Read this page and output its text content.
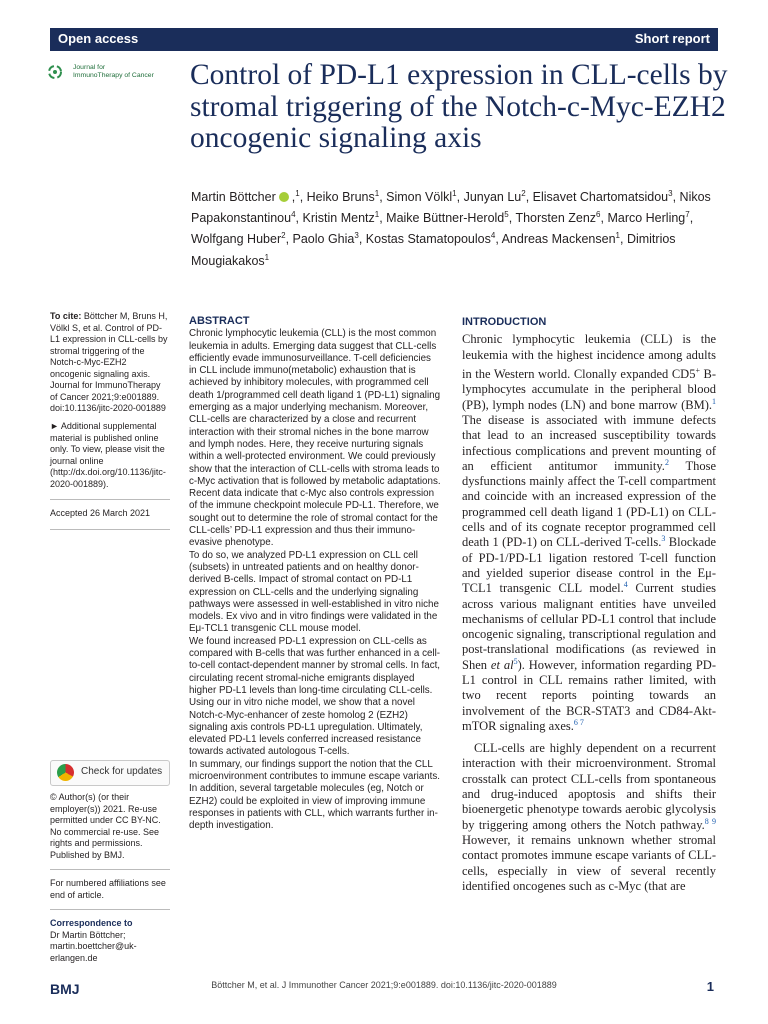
Open access	Short report
Journal for
ImmunoTherapy of Cancer Control of PD-L1 expression in CLL-cells by stromal triggering of the Notch-c-Myc-EZH2 oncogenic signaling axis
Martin Böttcher ,$^1$, Heiko Bruns$^1$, Simon Völkl$^1$, Junyan Lu$^2$, Elisavet Chartomatsidou$^3$, Nikos Papakonstantinou$^4$, Kristin Mentz$^1$, Maike Büttner-Herold$^5$, Thorsten Zenz$^6$, Marco Herling$^7$, Wolfgang Huber$^2$, Paolo Ghia$^3$, Kostas Stamatopoulos$^4$, Andreas Mackensen$^1$, Dimitrios Mougiakakos$^1$

To cite: Böttcher M, Bruns H, Völkl S, et al. Control of PD-L1 expression in CLL-cells by stromal triggering of the Notch-c-Myc-EZH2 oncogenic signaling axis. Journal for ImmunoTherapy of Cancer 2021;9:e001889. doi:10.1136/jitc-2020-001889

► Additional supplemental material is published online only. To view, please visit the journal online (http://dx.doi.org/10.1136/jitc-2020-001889).

Accepted 26 March 2021

Check for updates

© Author(s) (or their employer(s)) 2021. Re-use permitted under CC BY-NC. No commercial re-use. See rights and permissions. Published by BMJ.

For numbered affiliations see end of article.

Correspondence to

Dr Martin Böttcher; martin.boettcher@uk-erlangen.de

ABSTRACT

Chronic lymphocytic leukemia (CLL) is the most common leukemia in adults. Emerging data suggest that CLL-cells efficiently evade immunosurveillance. T-cell deficiencies in CLL include immuno(metabolic) exhaustion that is achieved by inhibitory molecules, with programmed cell death 1/programmed cell death ligand 1 (PD-L1) signaling emerging as a major underlying mechanism. Moreover, CLL-cells are characterized by a close and recurrent interaction with their stromal niches in the bone marrow and lymph nodes. Here, they receive nurturing signals within a well-protected environment. We could previously show that the interaction of CLL-cells with stroma leads to c-Myc activation that is followed by metabolic adaptations. Recent data indicate that c-Myc also controls expression of the immune checkpoint molecule PD-L1. Therefore, we sought out to determine the role of stromal contact for the CLL-cells’ PD-L1 expression and thus their immuno-evasive phenotype.

To do so, we analyzed PD-L1 expression on CLL cell (subsets) in untreated patients and on healthy donor-derived B-cells. Impact of stromal contact on PD-L1 expression on CLL-cells and the underlying signaling pathways were assessed in well-established in vitro niche models. Ex vivo and in vitro findings were validated in the Eμ-TCL1 transgenic CLL mouse model.

We found increased PD-L1 expression on CLL-cells as compared with B-cells that was further enhanced in a cell-to-cell contact-dependent manner by stromal cells. In fact, circulating recent stromal-niche emigrants displayed higher PD-L1 levels than long-time circulating CLL-cells. Using our in vitro niche model, we show that a novel Notch-c-Myc-enhancer of zeste homolog 2 (EZH2) signaling axis controls PD-L1 upregulation. Ultimately, elevated PD-L1 levels conferred increased resistance towards activated autologous T-cells.

In summary, our findings support the notion that the CLL microenvironment contributes to immune escape variants. In addition, several targetable molecules (eg, Notch or EZH2) could be exploited in view of improving immune responses in patients with CLL, which warrants further in-depth investigation.

INTRODUCTION

Chronic lymphocytic leukemia (CLL) is the leukemia with the highest incidence among adults in the Western world. Clonally expanded CD5+ B-lymphocytes accumulate in the peripheral blood (PB), lymph nodes (LN) and bone marrow (BM).$^1$ The disease is associated with immune defects that lead to an increased susceptibility towards infectious complications and prevent mounting of an efficient antitumor immunity.$^2$ Those dysfunctions mainly affect the T-cell compartment and coincide with an increased expression of the programmed cell death ligand 1 (PD-L1) on CLL-cells and of its cognate receptor programmed cell death 1 (PD-1) on CLL-derived T-cells.$^3$ Blockade of PD-1/PD-L1 ligation restored T-cell function and yielded superior disease control in the Eμ-TCL1 transgenic CLL model.$^4$ Current studies across various malignant entities have unveiled mechanisms of cellular PD-L1 control that include oncogenic signaling, transcriptional regulation and post-translational modifications (as reviewed in Shen et al$^5$). However, information regarding PD-L1 control in CLL remains rather limited, with two recent reports pointing towards an involvement of the BCR-STAT3 and CD84-Akt-mTOR signaling axes.$^{6 7}$

CLL-cells are highly dependent on a recurrent interaction with their microenvironment. Stromal crosstalk can protect CLL-cells from spontaneous and drug-induced apoptosis and shifts their bioenergetic phenotype towards aerobic glycolysis by triggering among others the Notch pathway.$^{8 9}$ However, it remains unknown whether stromal contact promotes immune escape variants of CLL-cells, especially in view of several recently identified oncogenes such as c-Myc (that are

BMJ	Böttcher M, et al. J Immunother Cancer 2021;9:e001889. doi:10.1136/jitc-2020-001889	1
